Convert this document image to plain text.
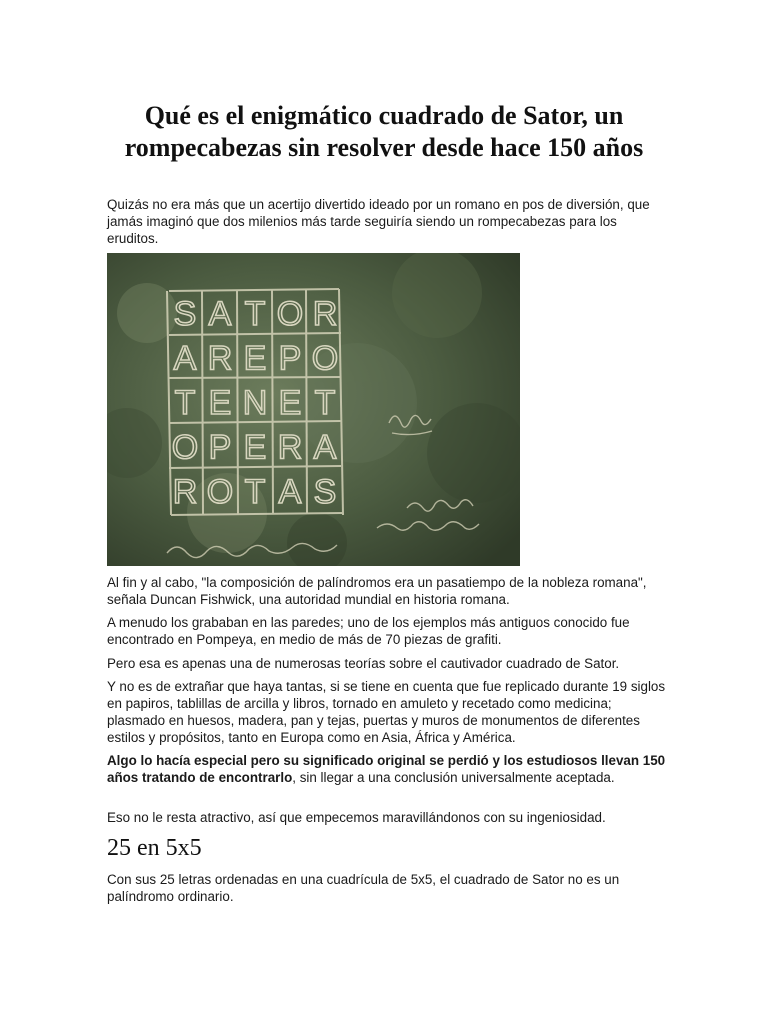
Qué es el enigmático cuadrado de Sator, un rompecabezas sin resolver desde hace 150 años

Quizás no era más que un acertijo divertido ideado por un romano en pos de diversión, que jamás imaginó que dos milenios más tarde seguiría siendo un rompecabezas para los eruditos.

S A T O R
A R E P O
T E N E T
O P E R A
R O T A S

Al fin y al cabo, "la composición de palíndromos era un pasatiempo de la nobleza romana", señala Duncan Fishwick, una autoridad mundial en historia romana.

A menudo los grababan en las paredes; uno de los ejemplos más antiguos conocido fue encontrado en Pompeya, en medio de más de 70 piezas de grafiti.

Pero esa es apenas una de numerosas teorías sobre el cautivador cuadrado de Sator.

Y no es de extrañar que haya tantas, si se tiene en cuenta que fue replicado durante 19 siglos en papiros, tablillas de arcilla y libros, tornado en amuleto y recetado como medicina; plasmado en huesos, madera, pan y tejas, puertas y muros de monumentos de diferentes estilos y propósitos, tanto en Europa como en Asia, África y América.

Algo lo hacía especial pero su significado original se perdió y los estudiosos llevan 150 años tratando de encontrarlo, sin llegar a una conclusión universalmente aceptada.

Eso no le resta atractivo, así que empecemos maravillándonos con su ingeniosidad.

25 en 5x5

Con sus 25 letras ordenadas en una cuadrícula de 5x5, el cuadrado de Sator no es un palíndromo ordinario.
